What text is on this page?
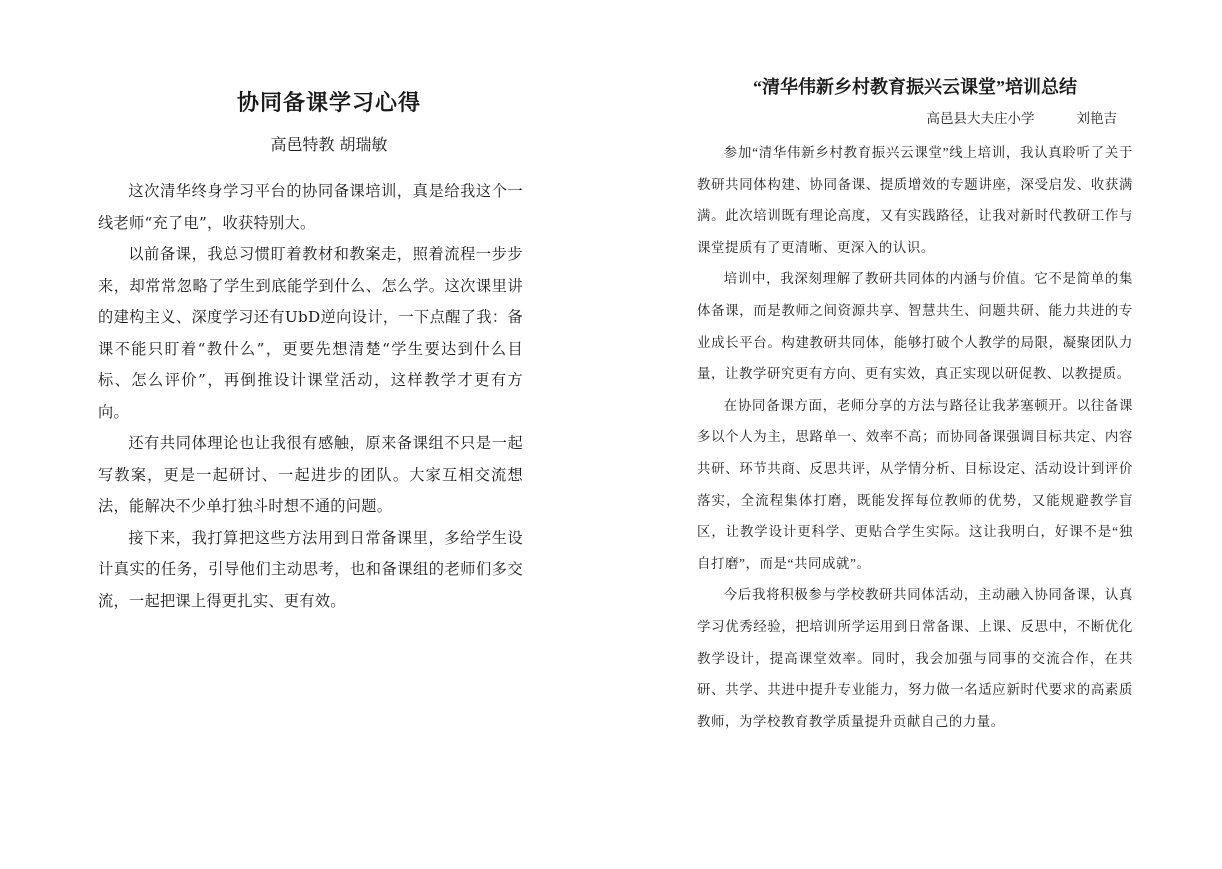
协同备课学习心得
高邑特教 胡瑞敏

这次清华终身学习平台的协同备课培训，真是给我这个一线老师“充了电”，收获特别大。

以前备课，我总习惯盯着教材和教案走，照着流程一步步来，却常常忽略了学生到底能学到什么、怎么学。这次课里讲的建构主义、深度学习还有UbD逆向设计，一下点醒了我：备课不能只盯着“教什么”，更要先想清楚“学生要达到什么目标、怎么评价”，再倒推设计课堂活动，这样教学才更有方向。

还有共同体理论也让我很有感触，原来备课组不只是一起写教案，更是一起研讨、一起进步的团队。大家互相交流想法，能解决不少单打独斗时想不通的问题。

接下来，我打算把这些方法用到日常备课里，多给学生设计真实的任务，引导他们主动思考，也和备课组的老师们多交流，一起把课上得更扎实、更有效。

“清华伟新乡村教育振兴云课堂”培训总结
高邑县大夫庄小学	刘艳吉

参加“清华伟新乡村教育振兴云课堂”线上培训，我认真聆听了关于教研共同体构建、协同备课、提质增效的专题讲座，深受启发、收获满满。此次培训既有理论高度，又有实践路径，让我对新时代教研工作与课堂提质有了更清晰、更深入的认识。

培训中，我深刻理解了教研共同体的内涵与价值。它不是简单的集体备课，而是教师之间资源共享、智慧共生、问题共研、能力共进的专业成长平台。构建教研共同体，能够打破个人教学的局限，凝聚团队力量，让教学研究更有方向、更有实效，真正实现以研促教、以教提质。

在协同备课方面，老师分享的方法与路径让我茅塞顿开。以往备课多以个人为主，思路单一、效率不高；而协同备课强调目标共定、内容共研、环节共商、反思共评，从学情分析、目标设定、活动设计到评价落实，全流程集体打磨，既能发挥每位教师的优势，又能规避教学盲区，让教学设计更科学、更贴合学生实际。这让我明白，好课不是“独自打磨”，而是“共同成就”。

今后我将积极参与学校教研共同体活动，主动融入协同备课，认真学习优秀经验，把培训所学运用到日常备课、上课、反思中，不断优化教学设计，提高课堂效率。同时，我会加强与同事的交流合作，在共研、共学、共进中提升专业能力，努力做一名适应新时代要求的高素质教师，为学校教育教学质量提升贡献自己的力量。
